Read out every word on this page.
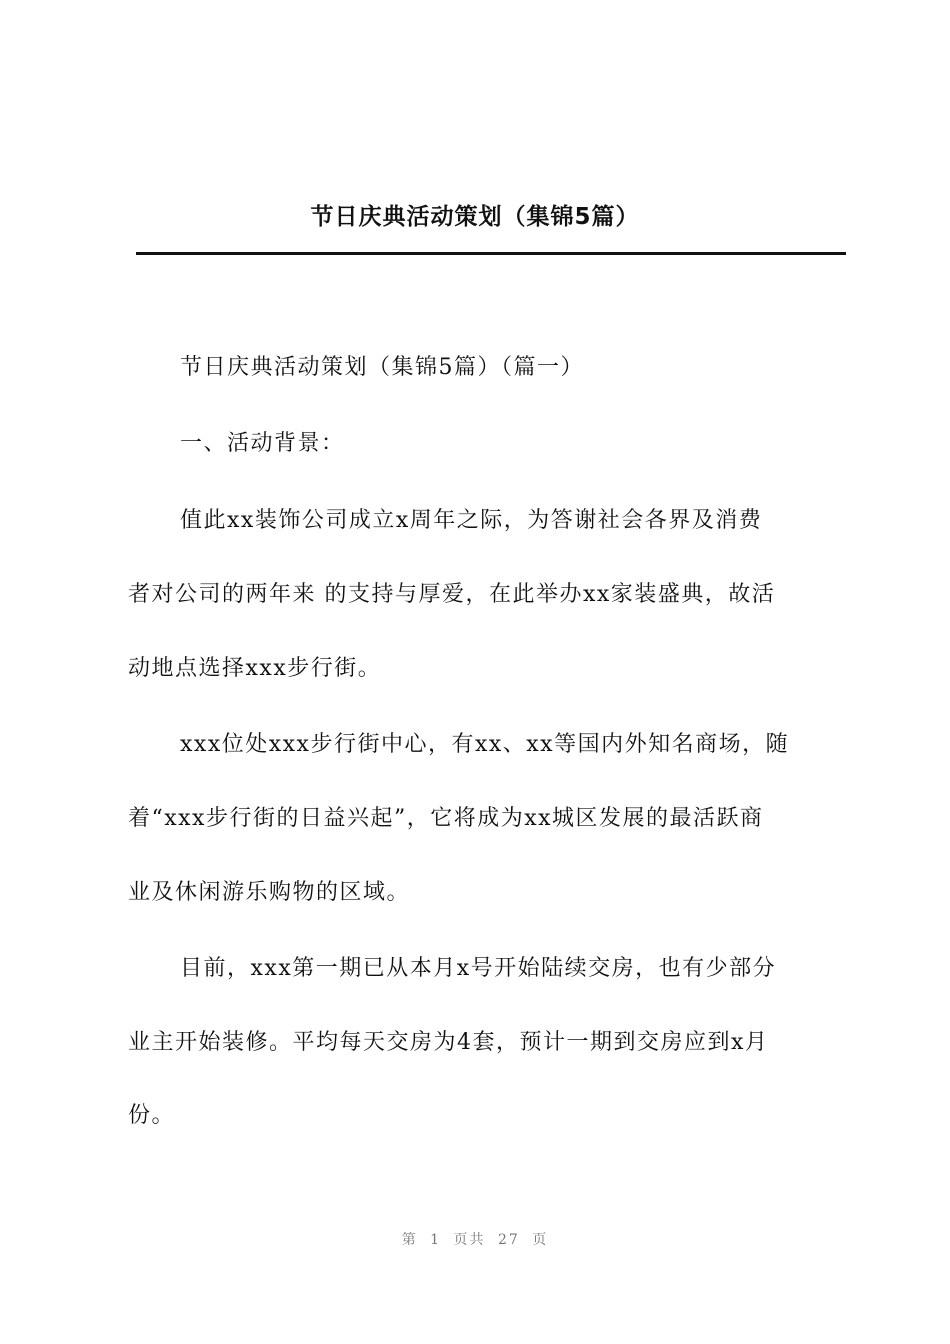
节日庆典活动策划（集锦5篇）
节日庆典活动策划（集锦5篇）（篇一）
一、活动背景：
值此xx装饰公司成立x周年之际，为答谢社会各界及消费
者对公司的两年来 的支持与厚爱，在此举办xx家装盛典，故活
动地点选择xxx步行街。
xxx位处xxx步行街中心，有xx、xx等国内外知名商场，随
着“xxx步行街的日益兴起”，它将成为xx城区发展的最活跃商
业及休闲游乐购物的区域。
目前，xxx第一期已从本月x号开始陆续交房，也有少部分
业主开始装修。平均每天交房为4套，预计一期到交房应到x月
份。
第 1 页共 27 页
